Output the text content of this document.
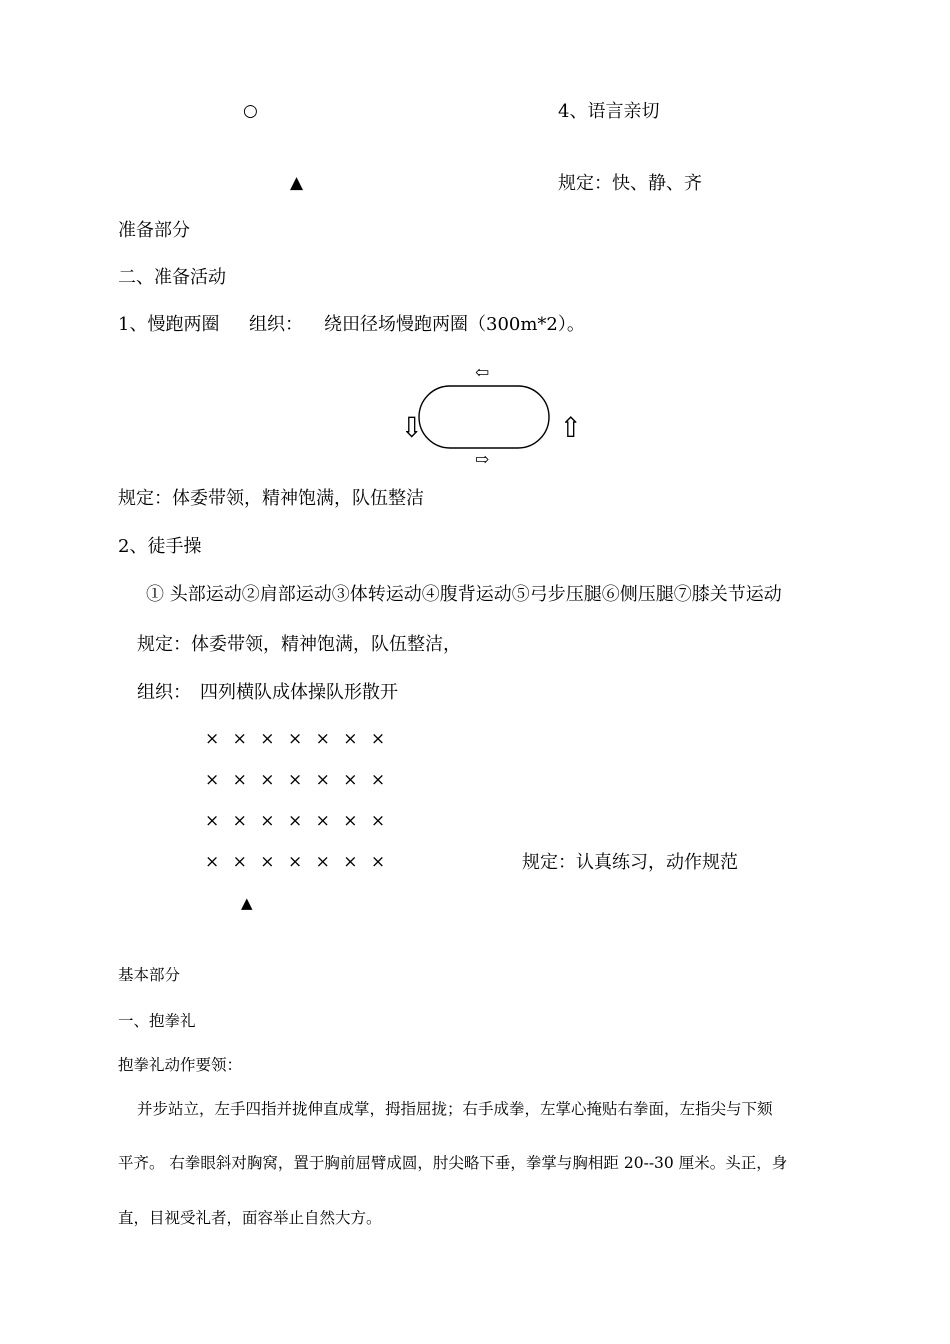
○	4、语言亲切
▲	规定：快、静、齐
准备部分
二、准备活动
1、慢跑两圈 组织： 绕田径场慢跑两圈（300m*2）。
⇦
⇩	⇧
⇨
规定：体委带领，精神饱满，队伍整洁
2、徒手操
① 头部运动②肩部运动③体转运动④腹背运动⑤弓步压腿⑥侧压腿⑦膝关节运动
规定：体委带领，精神饱满，队伍整洁，
组织：　四列横队成体操队形散开
× × × × × × ×
× × × × × × ×
× × × × × × ×
× × × × × × ×	规定：认真练习，动作规范
▲
基本部分
一、抱拳礼
抱拳礼动作要领：
并步站立，左手四指并拢伸直成掌，拇指屈拢；右手成拳，左掌心掩贴右拳面，左指尖与下颏
平齐。 右拳眼斜对胸窝，置于胸前屈臂成圆，肘尖略下垂，拳掌与胸相距 20--30 厘米。头正，身
直，目视受礼者，面容举止自然大方。
